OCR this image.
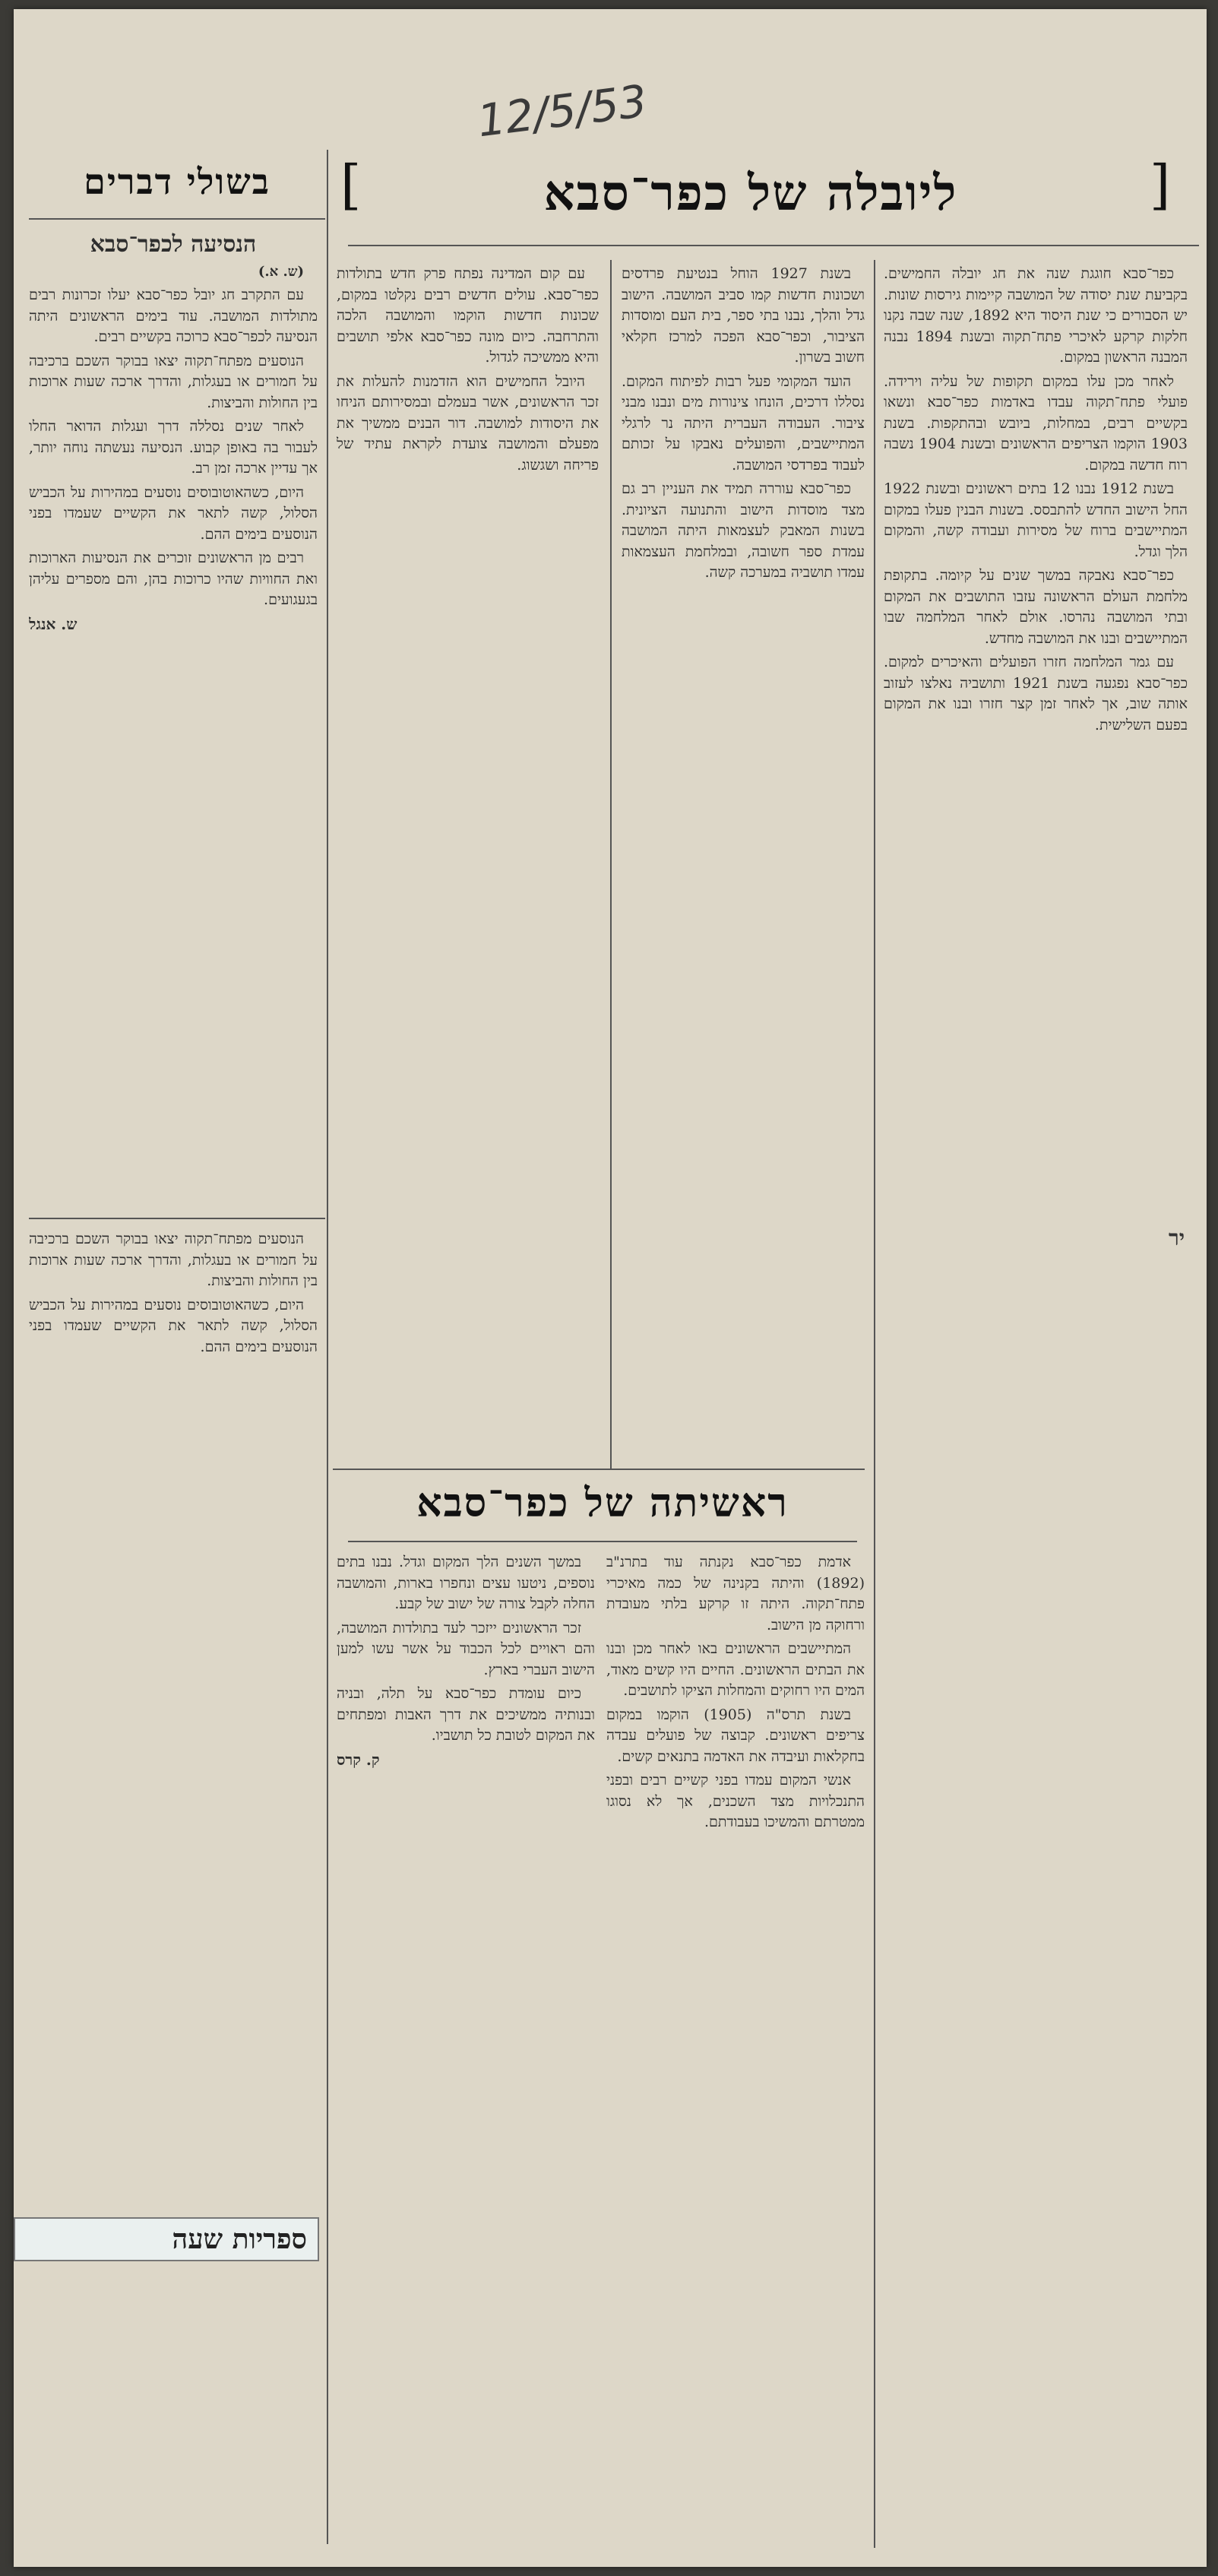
12/5/53
]
ליובלה של כפר־סבא
[
בשולי דברים

כפר־סבא חוגגת שנה את חג יובלה החמישים. בקביעת שנת יסודה של המושבה קיימות גירסות שונות. יש הסבורים כי שנת היסוד היא 1892, שנה שבה נקנו חלקות קרקע לאיכרי פתח־תקוה ובשנת 1894 נבנה המבנה הראשון במקום.

לאחר מכן עלו במקום תקופות של עליה וירידה. פועלי פתח־תקוה עבדו באדמות כפר־סבא ונשאו בקשיים רבים, במחלות, ביובש ובהתקפות. בשנת 1903 הוקמו הצריפים הראשונים ובשנת 1904 נשבה רוח חדשה במקום.

בשנת 1912 נבנו 12 בתים ראשונים ובשנת 1922 החל הישוב החדש להתבסס. בשנות הבנין פעלו במקום המתיישבים ברוח של מסירות ועבודה קשה, והמקום הלך וגדל.

כפר־סבא נאבקה במשך שנים על קיומה. בתקופת מלחמת העולם הראשונה עזבו התושבים את המקום ובתי המושבה נהרסו. אולם לאחר המלחמה שבו המתיישבים ובנו את המושבה מחדש.

עם גמר המלחמה חזרו הפועלים והאיכרים למקום. כפר־סבא נפגעה בשנת 1921 ותושביה נאלצו לעזוב אותה שוב, אך לאחר זמן קצר חזרו ובנו את המקום בפעם השלישית.

בשנת 1927 הוחל בנטיעת פרדסים ושכונות חדשות קמו סביב המושבה. הישוב גדל והלך, נבנו בתי ספר, בית העם ומוסדות הציבור, וכפר־סבא הפכה למרכז חקלאי חשוב בשרון.

הועד המקומי פעל רבות לפיתוח המקום. נסללו דרכים, הונחו צינורות מים ונבנו מבני ציבור. העבודה העברית היתה נר לרגלי המתיישבים, והפועלים נאבקו על זכותם לעבוד בפרדסי המושבה.

כפר־סבא עוררה תמיד את העניין רב גם מצד מוסדות הישוב והתנועה הציונית. בשנות המאבק לעצמאות היתה המושבה עמדת ספר חשובה, ובמלחמת העצמאות עמדו תושביה במערכה קשה.

עם קום המדינה נפתח פרק חדש בתולדות כפר־סבא. עולים חדשים רבים נקלטו במקום, שכונות חדשות הוקמו והמושבה הלכה והתרחבה. כיום מונה כפר־סבא אלפי תושבים והיא ממשיכה לגדול.

היובל החמישים הוא הזדמנות להעלות את זכר הראשונים, אשר בעמלם ובמסירותם הניחו את היסודות למושבה. דור הבנים ממשיך את מפעלם והמושבה צועדת לקראת עתיד של פריחה ושגשוג.

הנסיעה לכפר־סבא

(ש. א.)

עם התקרב חג יובל כפר־סבא יעלו זכרונות רבים מתולדות המושבה. עוד בימים הראשונים היתה הנסיעה לכפר־סבא כרוכה בקשיים רבים.

הנוסעים מפתח־תקוה יצאו בבוקר השכם ברכיבה על חמורים או בעגלות, והדרך ארכה שעות ארוכות בין החולות והביצות.

לאחר שנים נסללה דרך ועגלות הדואר החלו לעבור בה באופן קבוע. הנסיעה נעשתה נוחה יותר, אך עדיין ארכה זמן רב.

היום, כשהאוטובוסים נוסעים במהירות על הכביש הסלול, קשה לתאר את הקשיים שעמדו בפני הנוסעים בימים ההם.

רבים מן הראשונים זוכרים את הנסיעות הארוכות ואת החוויות שהיו כרוכות בהן, והם מספרים עליהן בגעגועים.

ש. אנגל

ראשיתה של כפר־סבא

אדמת כפר־סבא נקנתה עוד בתרנ"ב (1892) והיתה בקנינה של כמה מאיכרי פתח־תקוה. היתה זו קרקע בלתי מעובדת ורחוקה מן הישוב.

המתיישבים הראשונים באו לאחר מכן ובנו את הבתים הראשונים. החיים היו קשים מאוד, המים היו רחוקים והמחלות הציקו לתושבים.

בשנת תרס"ה (1905) הוקמו במקום צריפים ראשונים. קבוצה של פועלים עבדה בחקלאות ועיבדה את האדמה בתנאים קשים.

אנשי המקום עמדו בפני קשיים רבים ובפני התנכלויות מצד השכנים, אך לא נסוגו ממטרתם והמשיכו בעבודתם.

במשך השנים הלך המקום וגדל. נבנו בתים נוספים, ניטעו עצים ונחפרו בארות, והמושבה החלה לקבל צורה של ישוב של קבע.

זכר הראשונים ייזכר לעד בתולדות המושבה, והם ראויים לכל הכבוד על אשר עשו למען הישוב העברי בארץ.

כיום עומדת כפר־סבא על תלה, ובניה ובנותיה ממשיכים את דרך האבות ומפתחים את המקום לטובת כל תושביו.

ק. קרס

הנוסעים מפתח־תקוה יצאו בבוקר השכם ברכיבה על חמורים או בעגלות, והדרך ארכה שעות ארוכות בין החולות והביצות.

היום, כשהאוטובוסים נוסעים במהירות על הכביש הסלול, קשה לתאר את הקשיים שעמדו בפני הנוסעים בימים ההם.

ספריות שעה
יר
